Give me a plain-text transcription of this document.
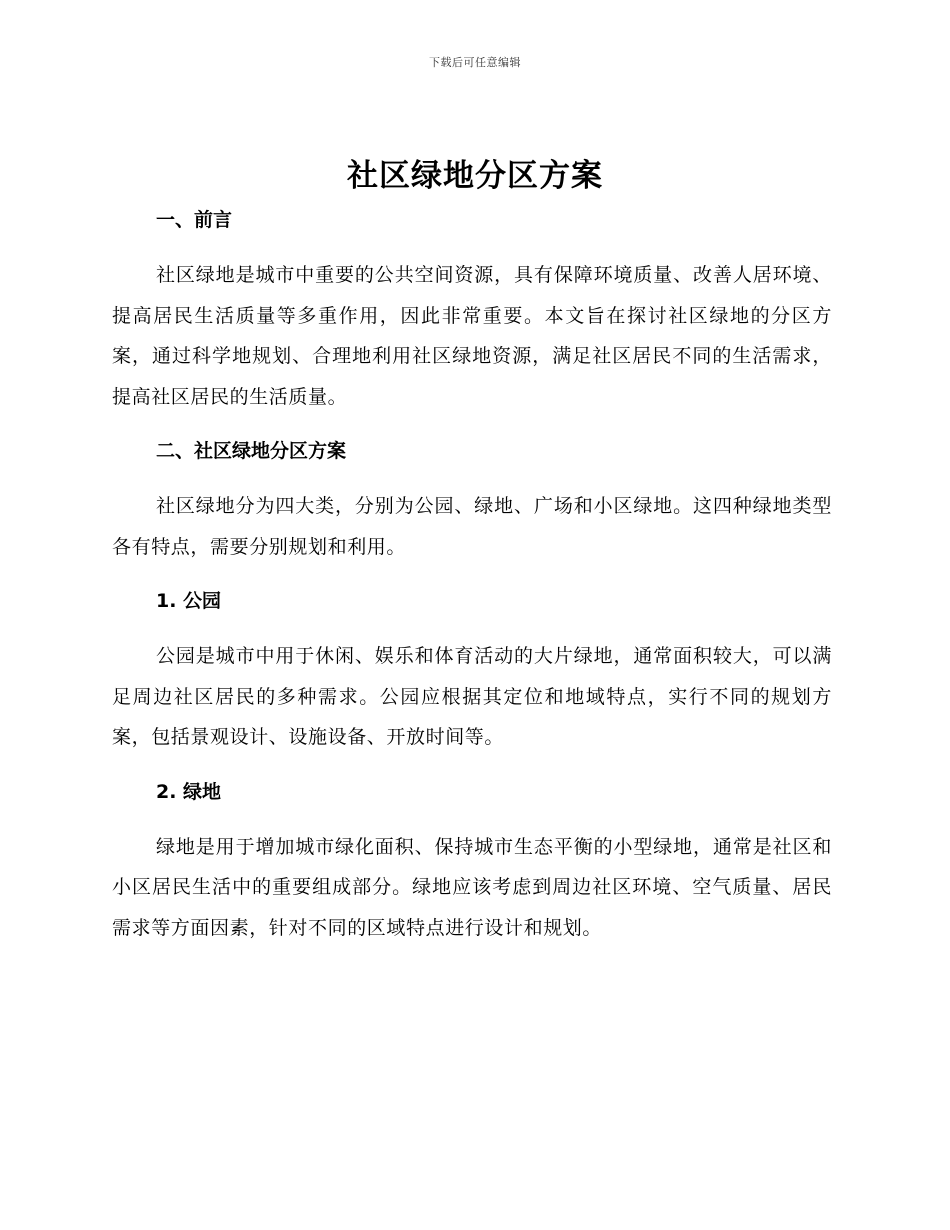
下载后可任意编辑
社区绿地分区方案
一、前言

社区绿地是城市中重要的公共空间资源，具有保障环境质量、改善人居环境、提高居民生活质量等多重作用，因此非常重要。本文旨在探讨社区绿地的分区方案，通过科学地规划、合理地利用社区绿地资源，满足社区居民不同的生活需求，提高社区居民的生活质量。

二、社区绿地分区方案

社区绿地分为四大类，分别为公园、绿地、广场和小区绿地。这四种绿地类型各有特点，需要分别规划和利用。

1. 公园

公园是城市中用于休闲、娱乐和体育活动的大片绿地，通常面积较大，可以满足周边社区居民的多种需求。公园应根据其定位和地域特点，实行不同的规划方案，包括景观设计、设施设备、开放时间等。

2. 绿地

绿地是用于增加城市绿化面积、保持城市生态平衡的小型绿地，通常是社区和小区居民生活中的重要组成部分。绿地应该考虑到周边社区环境、空气质量、居民需求等方面因素，针对不同的区域特点进行设计和规划。
